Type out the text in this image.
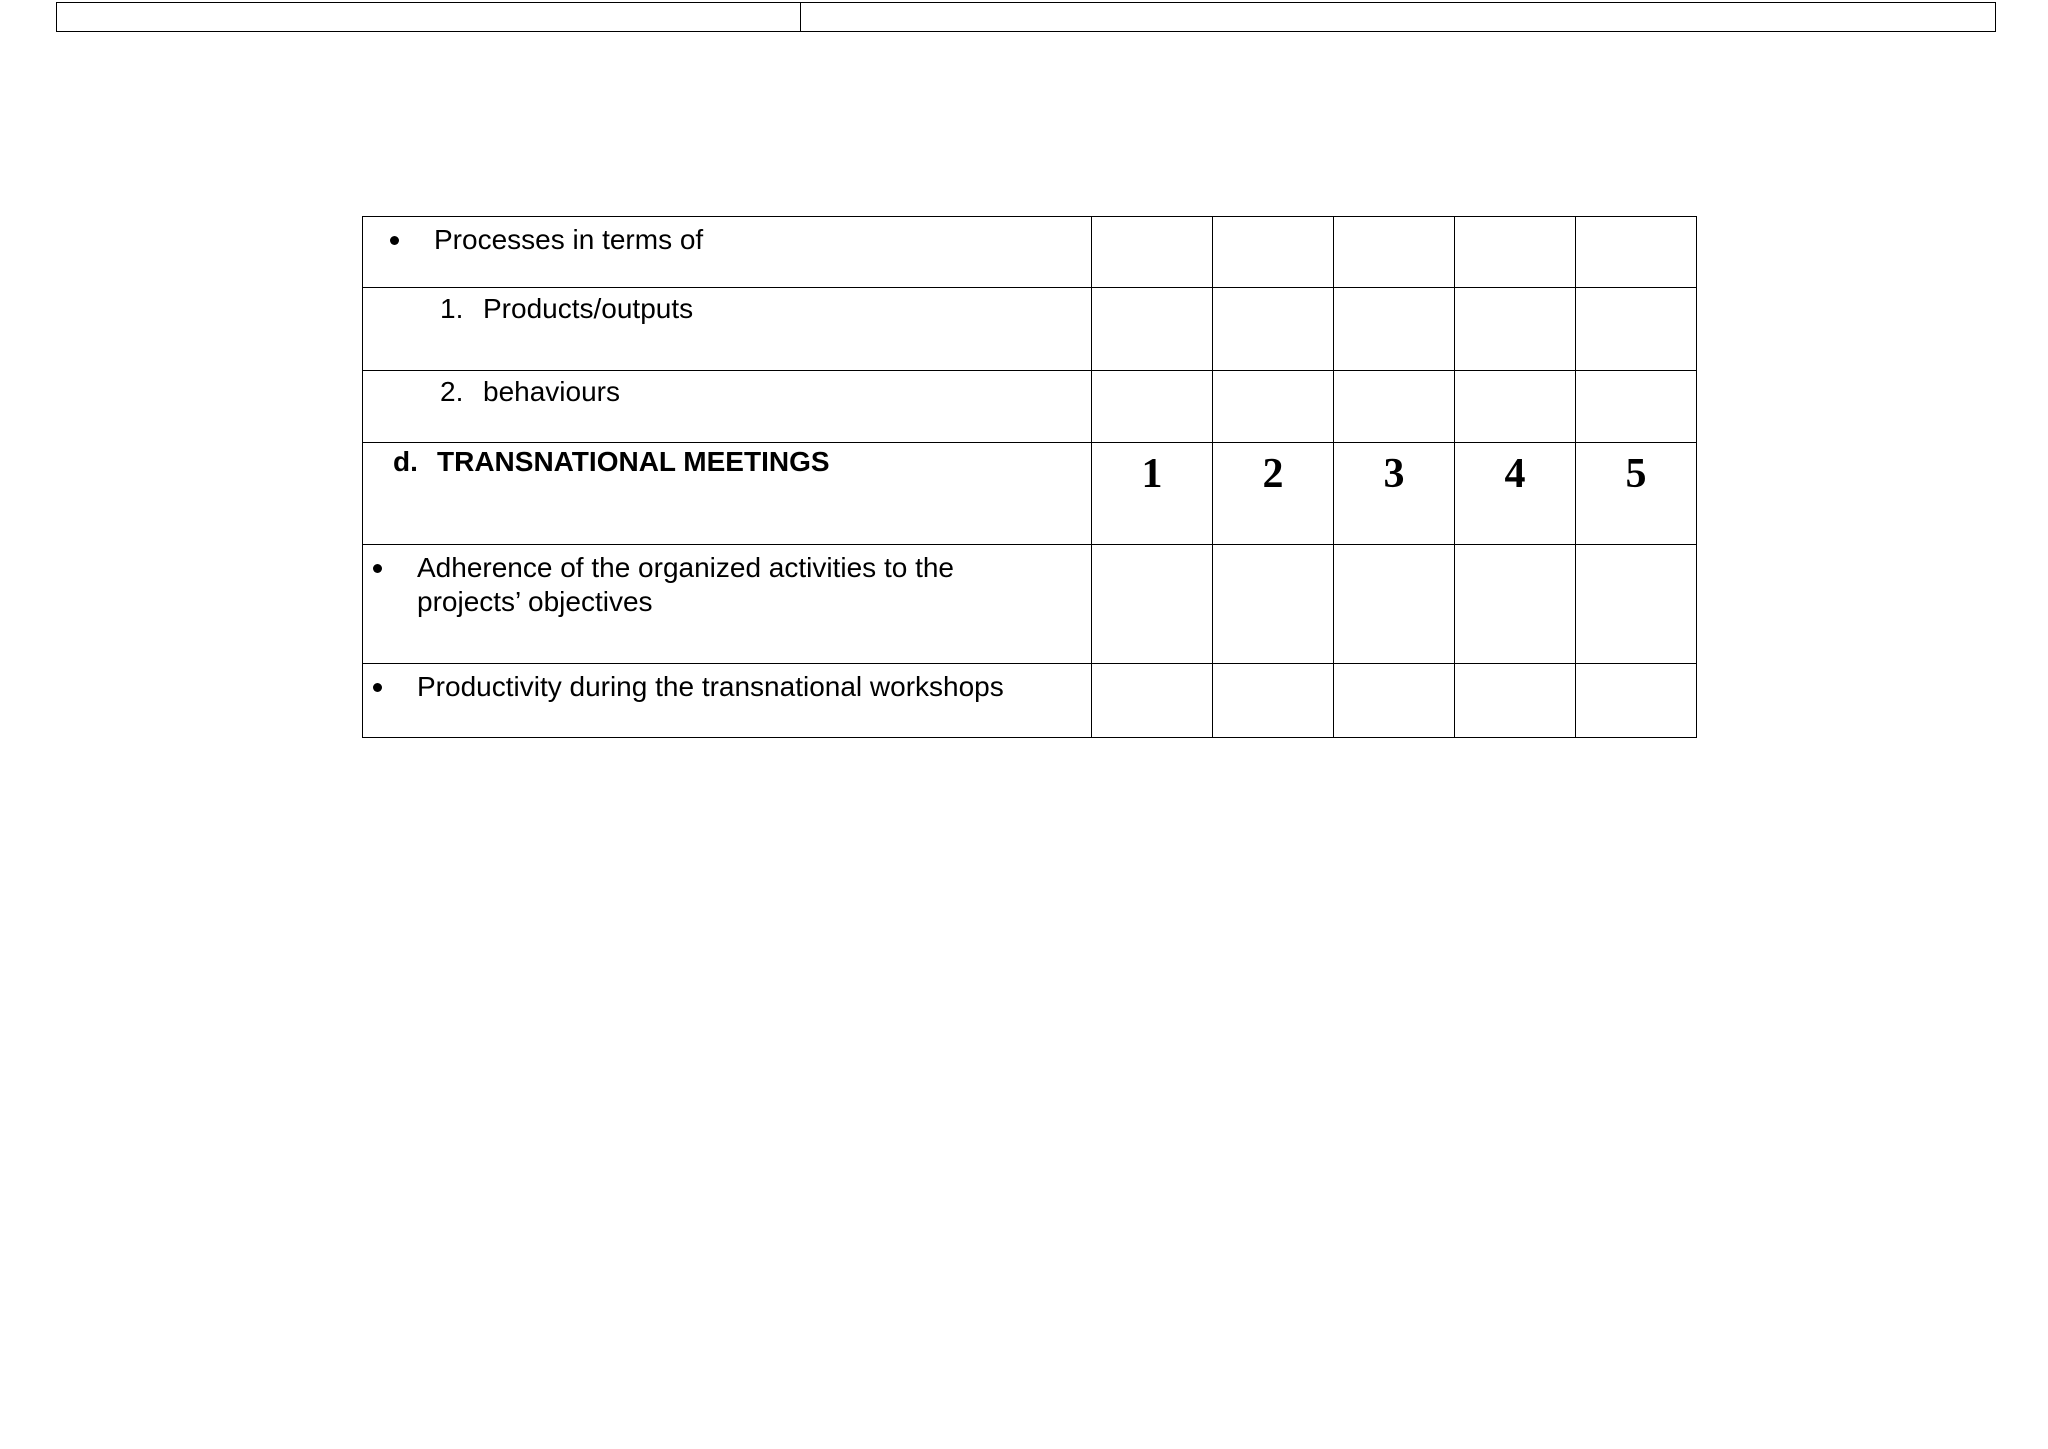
Processes in terms of					

1. Products/outputs					

2. behaviours					

d. TRANSNATIONAL MEETINGS	1	2	3	4	5

Adherence of the organized activities to the projects’ objectives					

Productivity during the transnational workshops					
